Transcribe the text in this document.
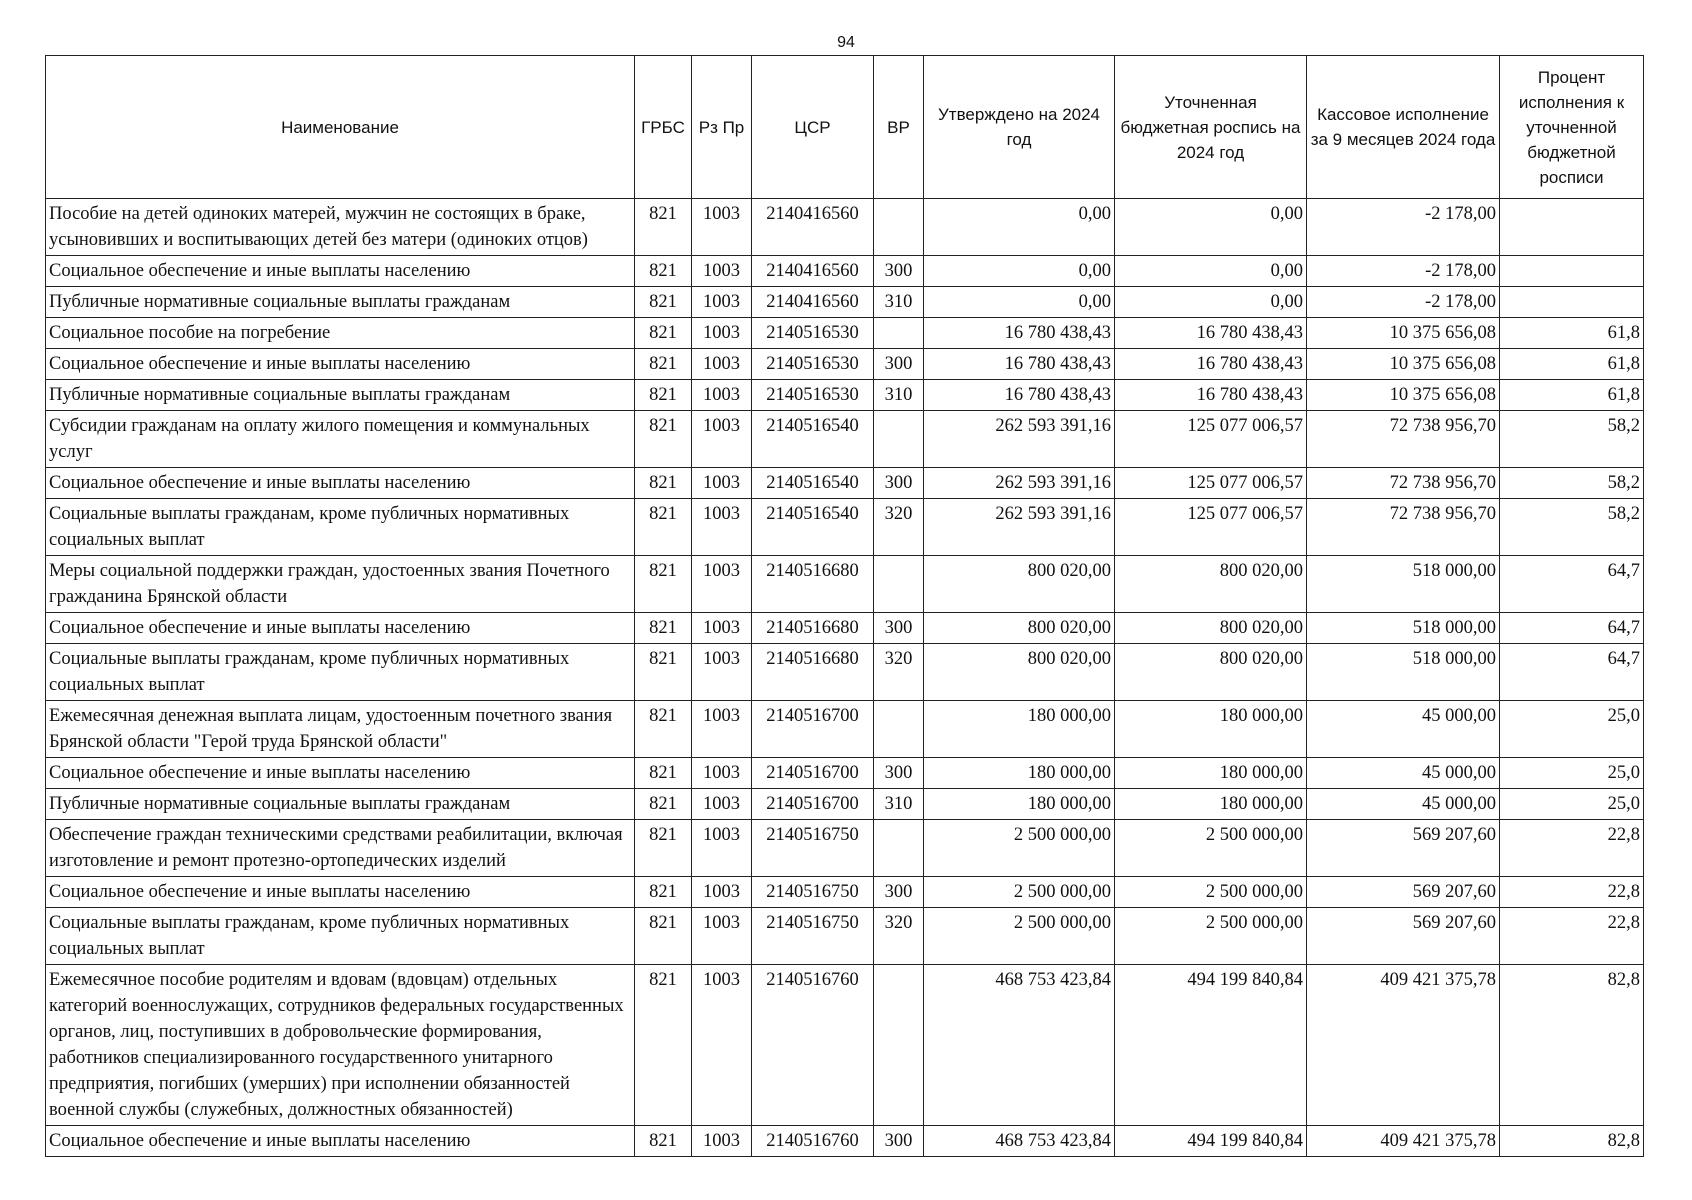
94
Наименование	ГРБС	Рз Пр	ЦСР	ВР	Утверждено на 2024 год	Уточненная бюджетная роспись на 2024 год	Кассовое исполнение за 9 месяцев 2024 года	Процент исполнения к уточненной бюджетной росписи
Пособие на детей одиноких матерей, мужчин не состоящих в браке, усыновивших и воспитывающих детей без матери (одиноких отцов)	821	1003	2140416560		0,00	0,00	-2 178,00	
Социальное обеспечение и иные выплаты населению	821	1003	2140416560	300	0,00	0,00	-2 178,00	
Публичные нормативные социальные выплаты гражданам	821	1003	2140416560	310	0,00	0,00	-2 178,00	
Социальное пособие на погребение	821	1003	2140516530		16 780 438,43	16 780 438,43	10 375 656,08	61,8
Социальное обеспечение и иные выплаты населению	821	1003	2140516530	300	16 780 438,43	16 780 438,43	10 375 656,08	61,8
Публичные нормативные социальные выплаты гражданам	821	1003	2140516530	310	16 780 438,43	16 780 438,43	10 375 656,08	61,8
Субсидии гражданам на оплату жилого помещения и коммунальных услуг	821	1003	2140516540		262 593 391,16	125 077 006,57	72 738 956,70	58,2
Социальное обеспечение и иные выплаты населению	821	1003	2140516540	300	262 593 391,16	125 077 006,57	72 738 956,70	58,2
Социальные выплаты гражданам, кроме публичных нормативных социальных выплат	821	1003	2140516540	320	262 593 391,16	125 077 006,57	72 738 956,70	58,2
Меры социальной поддержки граждан, удостоенных звания Почетного гражданина Брянской области	821	1003	2140516680		800 020,00	800 020,00	518 000,00	64,7
Социальное обеспечение и иные выплаты населению	821	1003	2140516680	300	800 020,00	800 020,00	518 000,00	64,7
Социальные выплаты гражданам, кроме публичных нормативных социальных выплат	821	1003	2140516680	320	800 020,00	800 020,00	518 000,00	64,7
Ежемесячная денежная выплата лицам, удостоенным почетного звания Брянской области "Герой труда Брянской области"	821	1003	2140516700		180 000,00	180 000,00	45 000,00	25,0
Социальное обеспечение и иные выплаты населению	821	1003	2140516700	300	180 000,00	180 000,00	45 000,00	25,0
Публичные нормативные социальные выплаты гражданам	821	1003	2140516700	310	180 000,00	180 000,00	45 000,00	25,0
Обеспечение граждан техническими средствами реабилитации, включая изготовление и ремонт протезно-ортопедических изделий	821	1003	2140516750		2 500 000,00	2 500 000,00	569 207,60	22,8
Социальное обеспечение и иные выплаты населению	821	1003	2140516750	300	2 500 000,00	2 500 000,00	569 207,60	22,8
Социальные выплаты гражданам, кроме публичных нормативных социальных выплат	821	1003	2140516750	320	2 500 000,00	2 500 000,00	569 207,60	22,8
Ежемесячное пособие родителям и вдовам (вдовцам) отдельных категорий военнослужащих, сотрудников федеральных государственных органов, лиц, поступивших в добровольческие формирования, работников специализированного государственного унитарного предприятия, погибших (умерших) при исполнении обязанностей военной службы (служебных, должностных обязанностей)	821	1003	2140516760		468 753 423,84	494 199 840,84	409 421 375,78	82,8
Социальное обеспечение и иные выплаты населению	821	1003	2140516760	300	468 753 423,84	494 199 840,84	409 421 375,78	82,8
